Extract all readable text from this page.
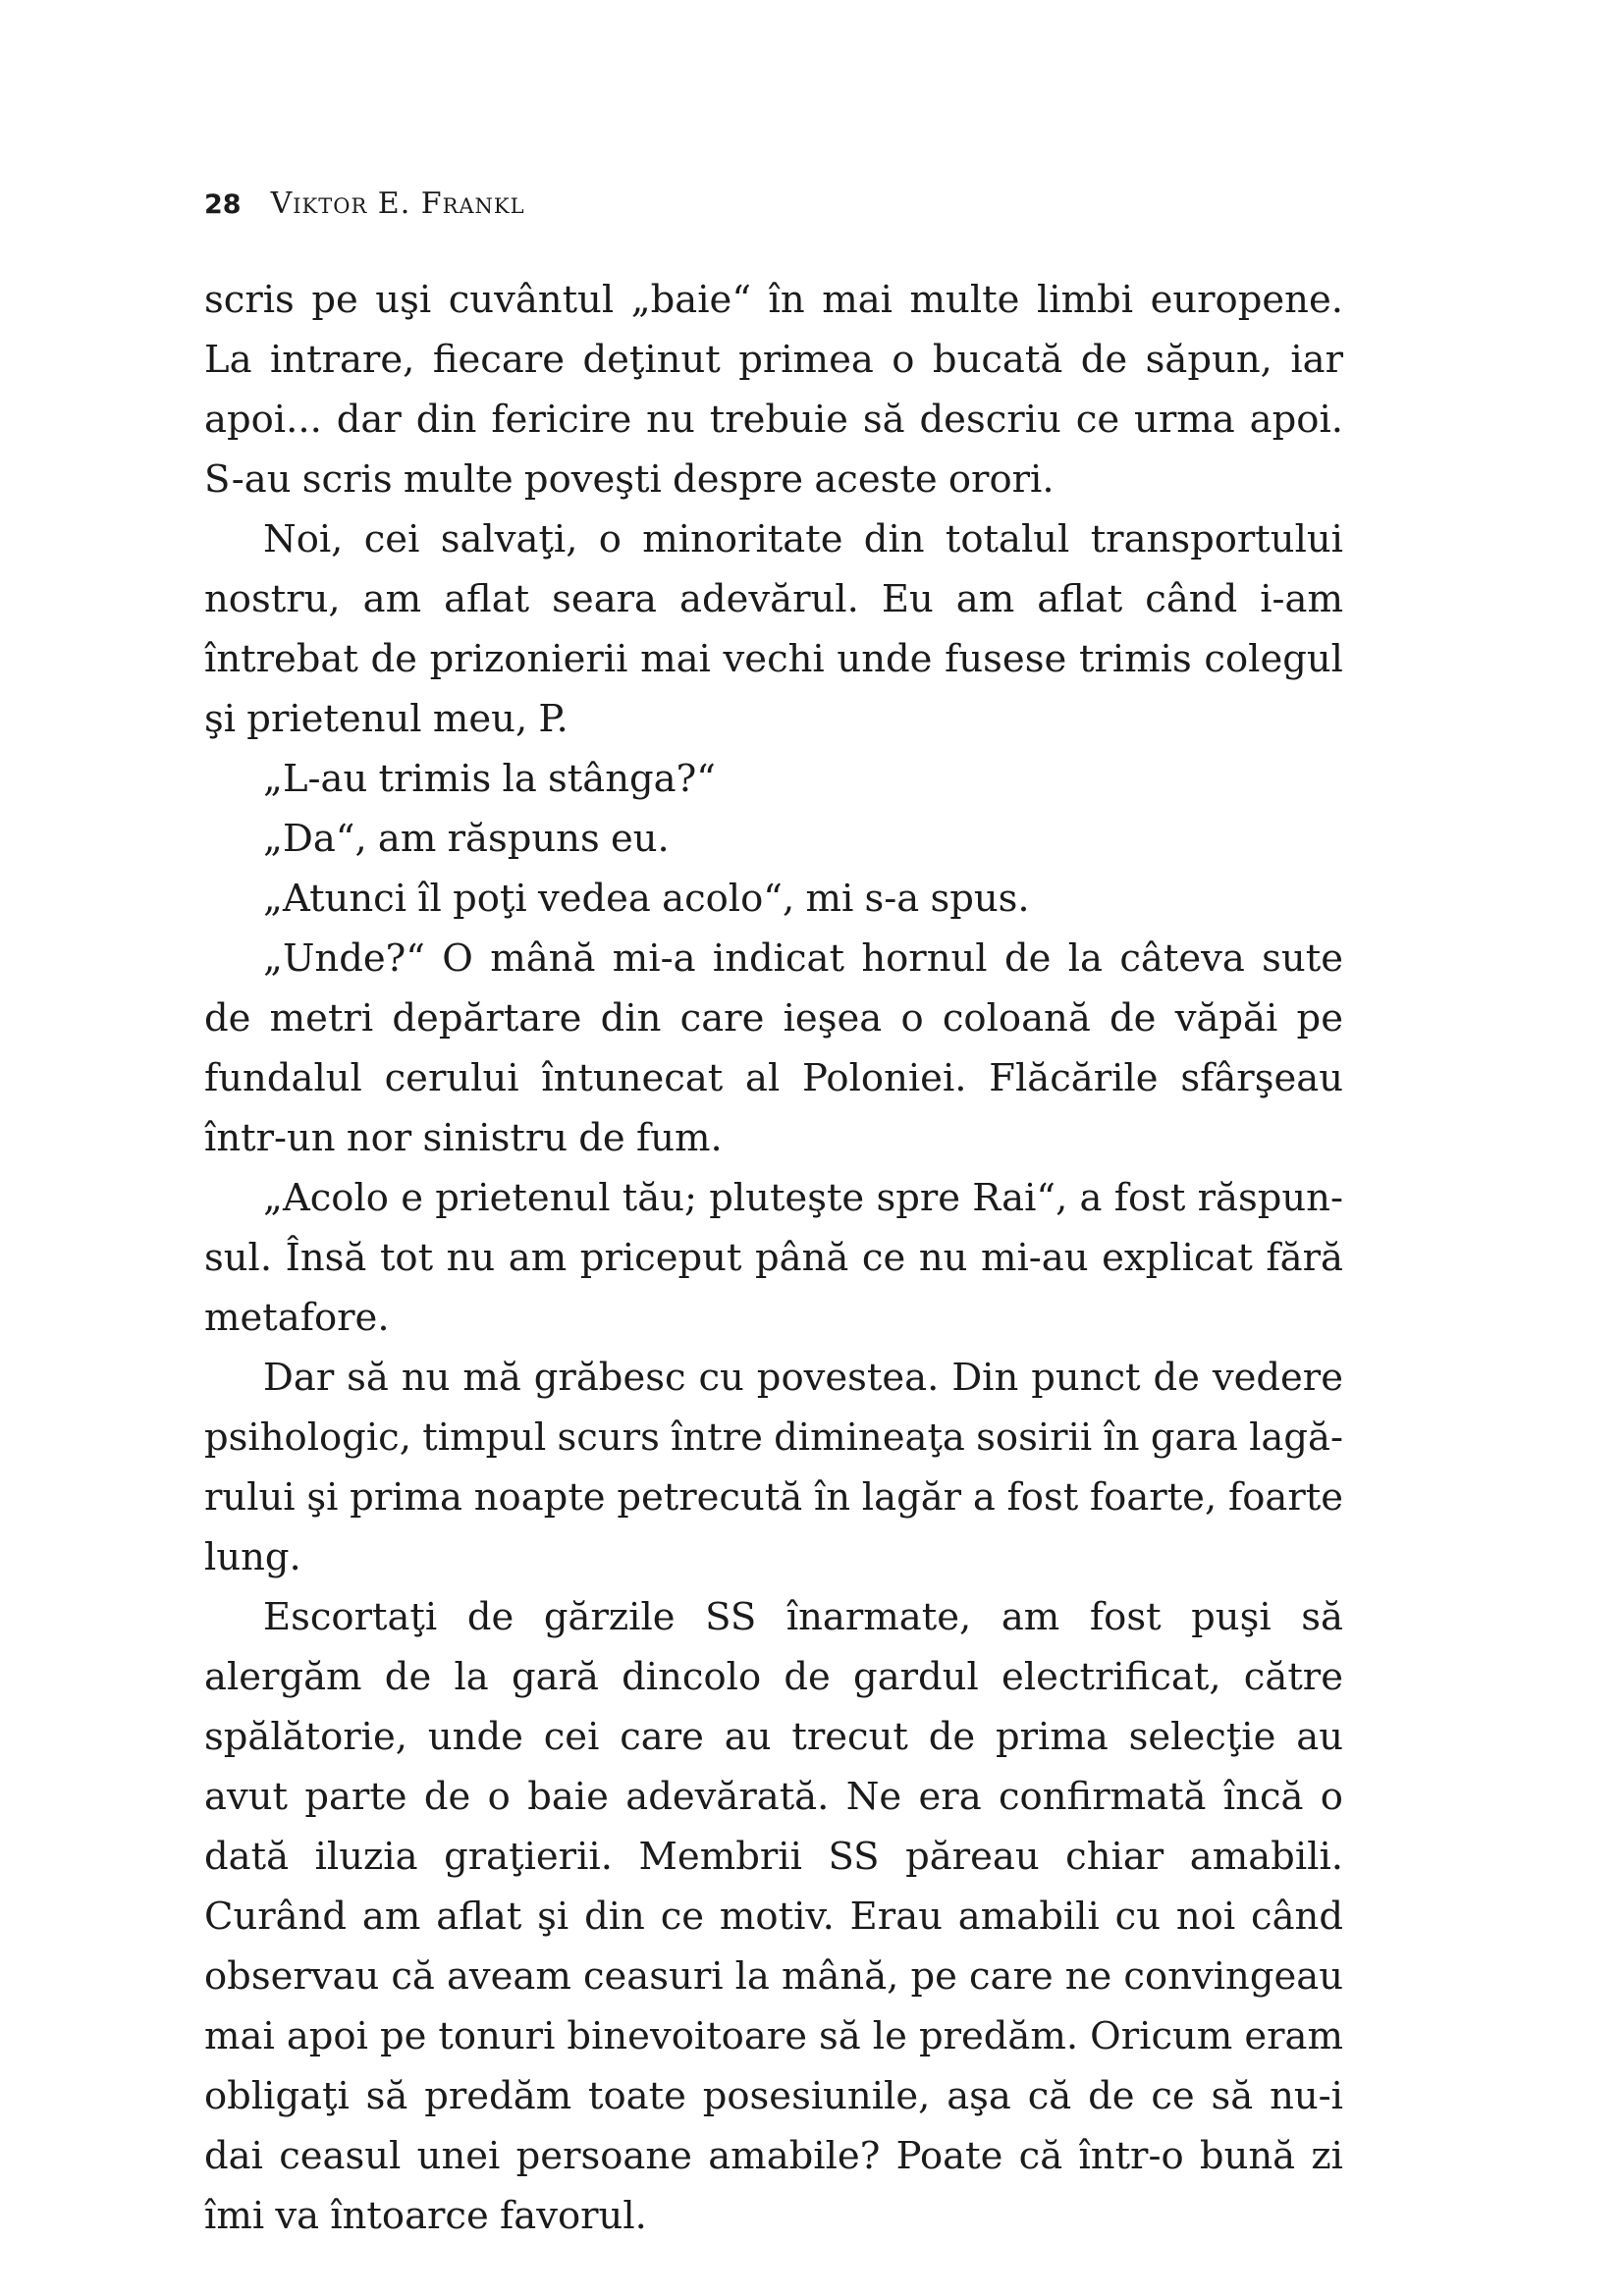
28 Viktor E. Frankl

scris pe uşi cuvântul „baie“ în mai multe limbi europene. La intrare, fiecare deţinut primea o bucată de săpun, iar apoi... dar din fericire nu trebuie să descriu ce urma apoi. S-au scris multe poveşti despre aceste orori.

Noi, cei salvaţi, o minoritate din totalul transportului nostru, am aflat seara adevărul. Eu am aflat când i-am întrebat de prizonierii mai vechi unde fusese trimis colegul şi prietenul meu, P.

„L-au trimis la stânga?“

„Da“, am răspuns eu.

„Atunci îl poţi vedea acolo“, mi s-a spus.

„Unde?“ O mână mi-a indicat hornul de la câteva sute de metri depărtare din care ieşea o coloană de văpăi pe fundalul cerului întunecat al Poloniei. Flăcările sfârşeau într-un nor sinistru de fum.

„Acolo e prietenul tău; pluteşte spre Rai“, a fost răspunsul. Însă tot nu am priceput până ce nu mi-au explicat fără metafore.

Dar să nu mă grăbesc cu povestea. Din punct de vedere psihologic, timpul scurs între dimineaţa sosirii în gara lagărului şi prima noapte petrecută în lagăr a fost foarte, foarte lung.

Escortaţi de gărzile SS înarmate, am fost puşi să alergăm de la gară dincolo de gardul electrificat, către spălătorie, unde cei care au trecut de prima selecţie au avut parte de o baie adevărată. Ne era confirmată încă o dată iluzia graţierii. Membrii SS păreau chiar amabili. Curând am aflat şi din ce motiv. Erau amabili cu noi când observau că aveam ceasuri la mână, pe care ne convingeau mai apoi pe tonuri binevoitoare să le predăm. Oricum eram obligaţi să predăm toate posesiunile, aşa că de ce să nu-i dai ceasul unei persoane amabile? Poate că într-o bună zi îmi va întoarce favorul.
